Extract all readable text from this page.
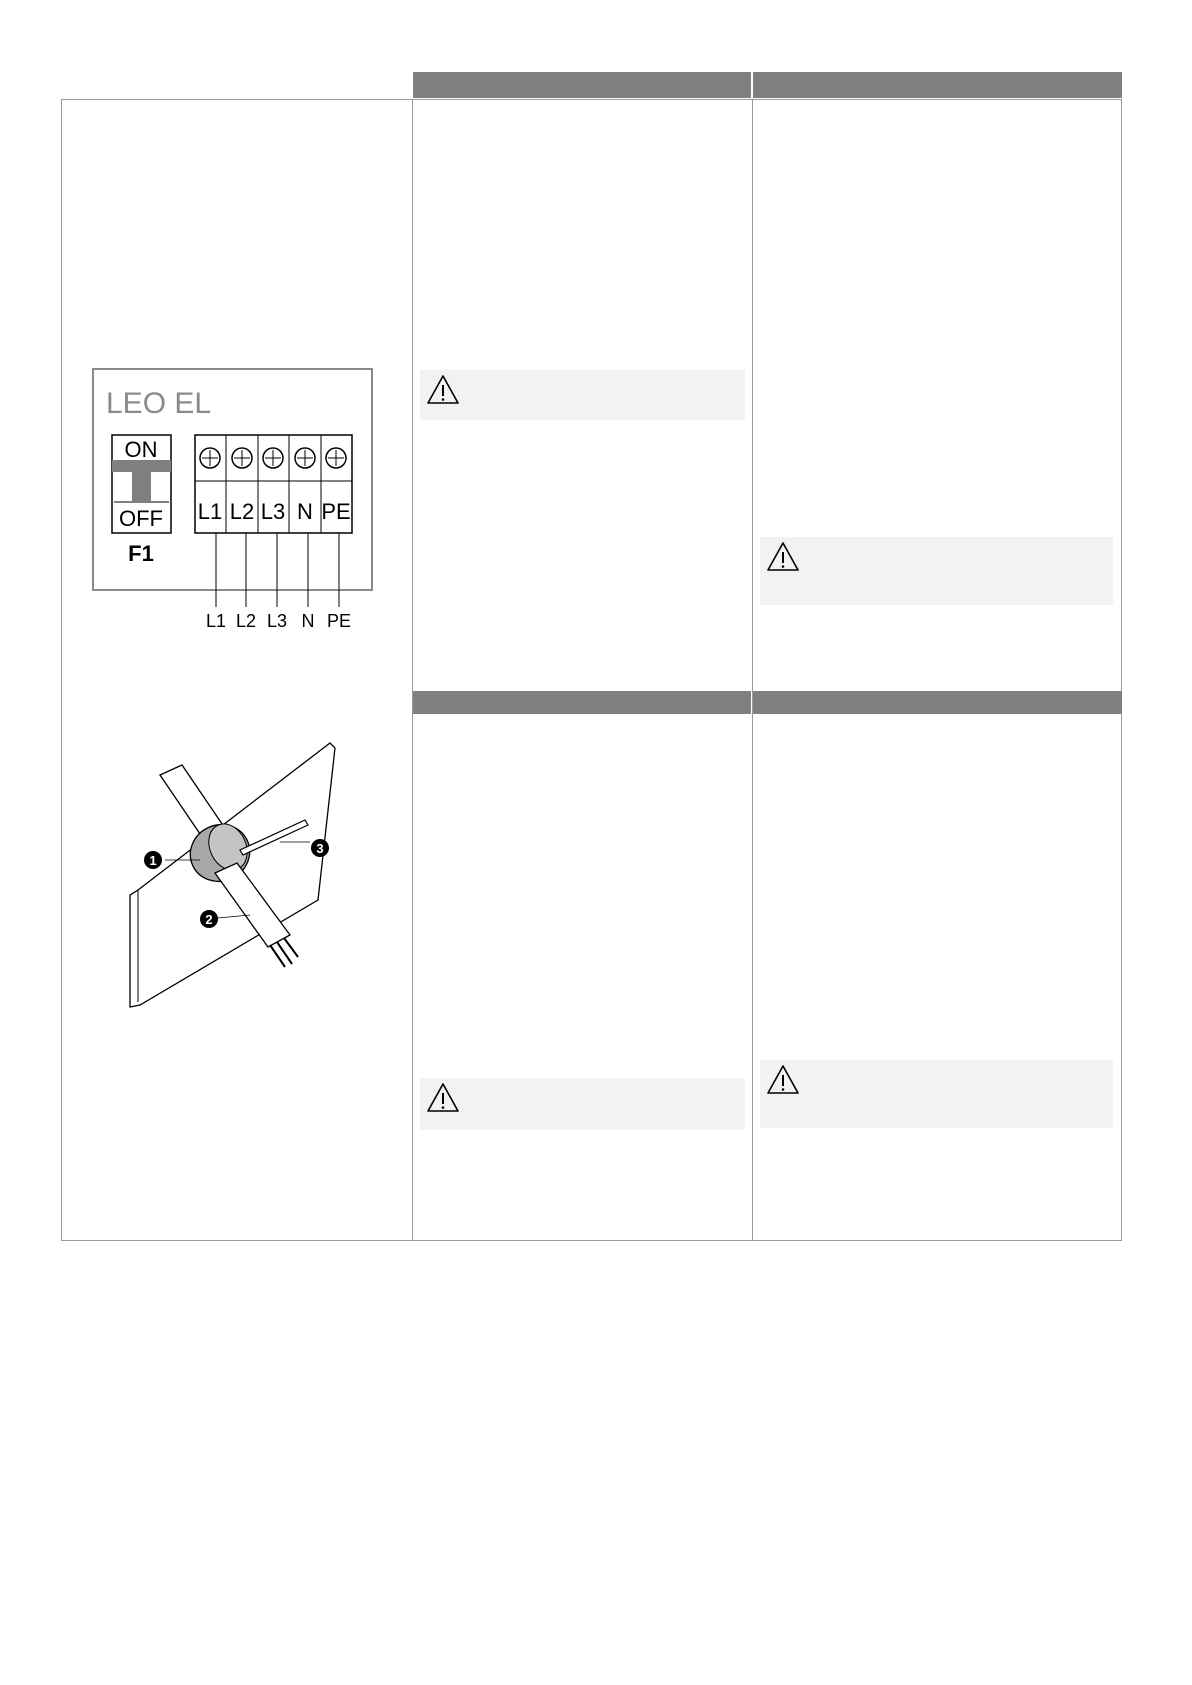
LEO EL
ON
OFF
F1
L1 L2 L3 N PE
L1 L2 L3 N PE
1
2
3
